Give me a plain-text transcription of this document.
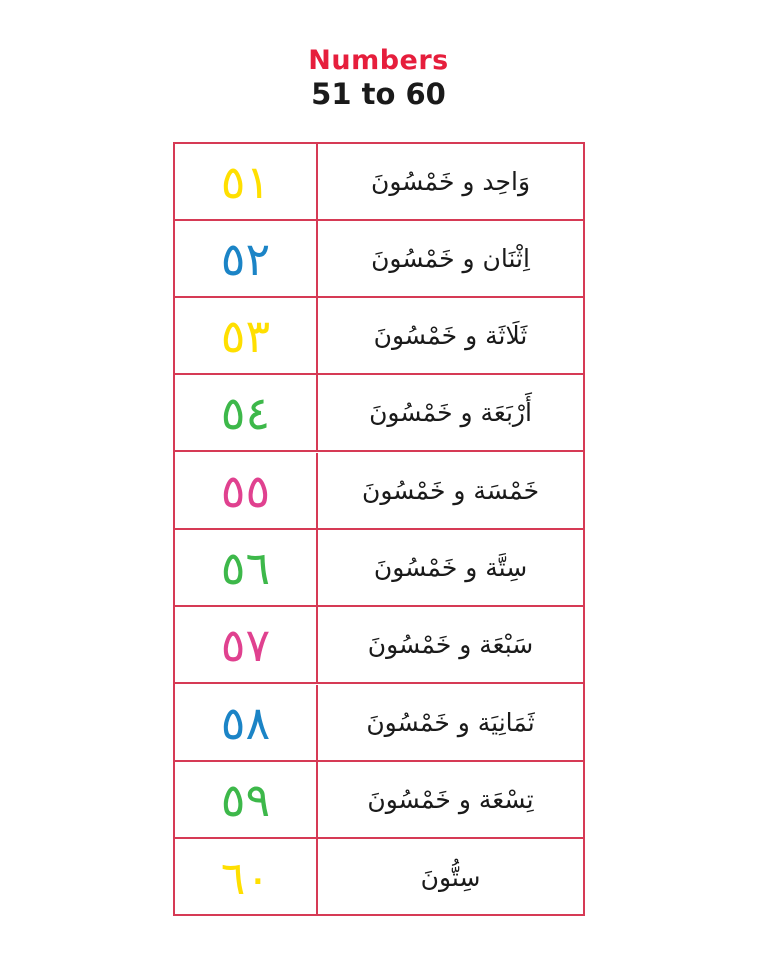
Numbers
51 to 60
٥١	وَاحِد و خَمْسُونَ
٥٢	اِثْنَان و خَمْسُونَ
٥٣	ثَلَاثَة و خَمْسُونَ
٥٤	أَرْبَعَة و خَمْسُونَ
٥٥	خَمْسَة و خَمْسُونَ
٥٦	سِتَّة و خَمْسُونَ
٥٧	سَبْعَة و خَمْسُونَ
٥٨	ثَمَانِيَة و خَمْسُونَ
٥٩	تِسْعَة و خَمْسُونَ
٦٠	سِتُّونَ
